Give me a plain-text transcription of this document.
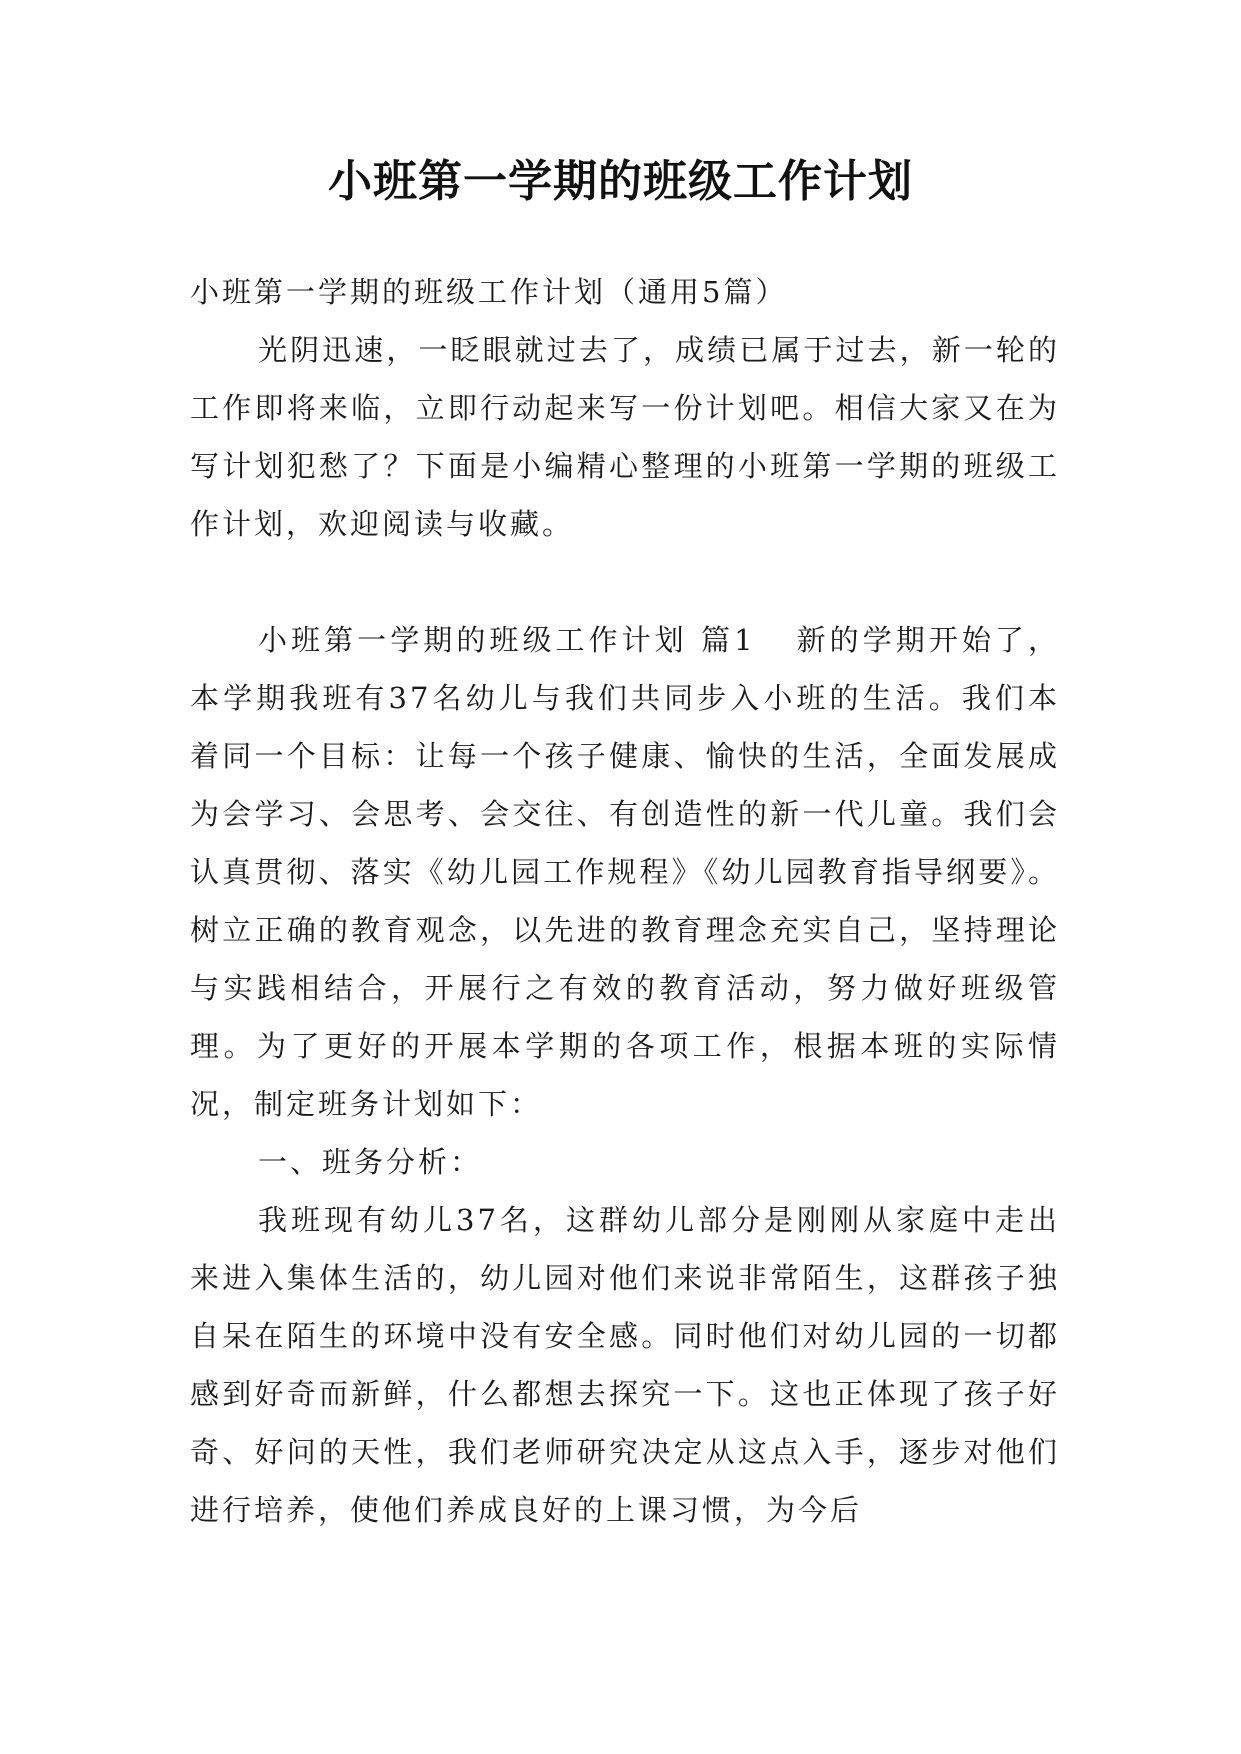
小班第一学期的班级工作计划

小班第一学期的班级工作计划（通用5篇）

光阴迅速，一眨眼就过去了，成绩已属于过去，新一轮的工作即将来临，立即行动起来写一份计划吧。相信大家又在为写计划犯愁了？下面是小编精心整理的小班第一学期的班级工作计划，欢迎阅读与收藏。

小班第一学期的班级工作计划 篇1 新的学期开始了，本学期我班有37名幼儿与我们共同步入小班的生活。我们本着同一个目标：让每一个孩子健康、愉快的生活，全面发展成为会学习、会思考、会交往、有创造性的新一代儿童。我们会认真贯彻、落实《幼儿园工作规程》《幼儿园教育指导纲要》。树立正确的教育观念，以先进的教育理念充实自己，坚持理论与实践相结合，开展行之有效的教育活动，努力做好班级管理。为了更好的开展本学期的各项工作，根据本班的实际情况，制定班务计划如下：

一、班务分析：

我班现有幼儿37名，这群幼儿部分是刚刚从家庭中走出来进入集体生活的，幼儿园对他们来说非常陌生，这群孩子独自呆在陌生的环境中没有安全感。同时他们对幼儿园的一切都感到好奇而新鲜，什么都想去探究一下。这也正体现了孩子好奇、好问的天性，我们老师研究决定从这点入手，逐步对他们进行培养，使他们养成良好的上课习惯，为今后
